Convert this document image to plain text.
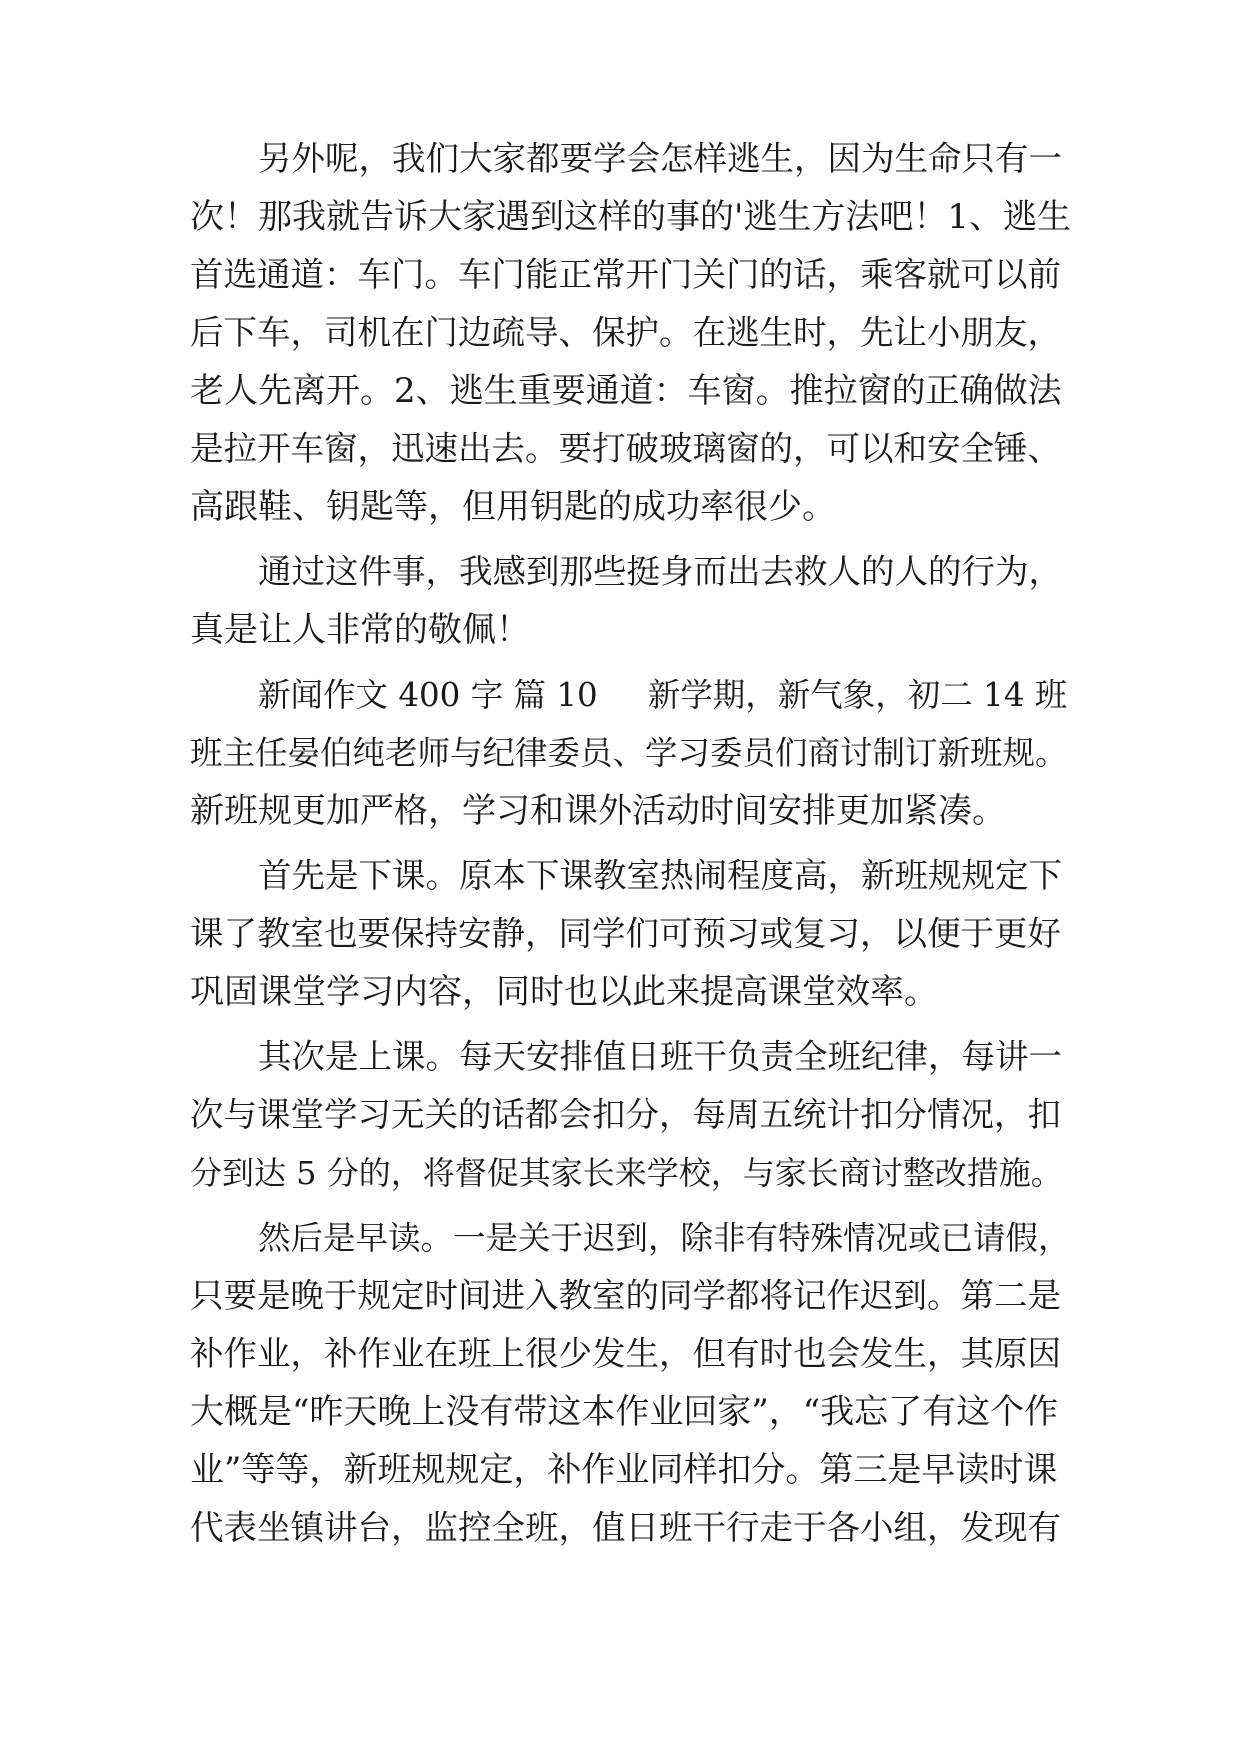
另外呢，我们大家都要学会怎样逃生，因为生命只有一
次！那我就告诉大家遇到这样的事的'逃生方法吧！1、逃生
首选通道：车门。车门能正常开门关门的话，乘客就可以前
后下车，司机在门边疏导、保护。在逃生时，先让小朋友，
老人先离开。2、逃生重要通道：车窗。推拉窗的正确做法
是拉开车窗，迅速出去。要打破玻璃窗的，可以和安全锤、
高跟鞋、钥匙等，但用钥匙的成功率很少。
通过这件事，我感到那些挺身而出去救人的人的行为，
真是让人非常的敬佩！
新闻作文 400 字 篇 10 新学期，新气象，初二 14 班
班主任晏伯纯老师与纪律委员、学习委员们商讨制订新班规。
新班规更加严格，学习和课外活动时间安排更加紧凑。
首先是下课。原本下课教室热闹程度高，新班规规定下
课了教室也要保持安静，同学们可预习或复习，以便于更好
巩固课堂学习内容，同时也以此来提高课堂效率。
其次是上课。每天安排值日班干负责全班纪律，每讲一
次与课堂学习无关的话都会扣分，每周五统计扣分情况，扣
分到达 5 分的，将督促其家长来学校，与家长商讨整改措施。
然后是早读。一是关于迟到，除非有特殊情况或已请假，
只要是晚于规定时间进入教室的同学都将记作迟到。第二是
补作业，补作业在班上很少发生，但有时也会发生，其原因
大概是“昨天晚上没有带这本作业回家”，“我忘了有这个作
业”等等，新班规规定，补作业同样扣分。第三是早读时课
代表坐镇讲台，监控全班，值日班干行走于各小组，发现有
